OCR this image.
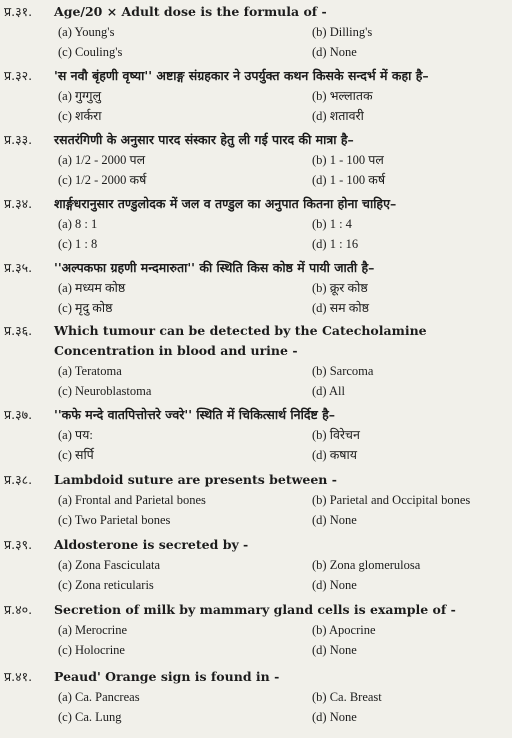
प्र.३१.	Age/20 × Adult dose is the formula of -
(a) Young's	(b) Dilling's
(c) Couling's	(d) None
प्र.३२.	'स नवौ बृंहणी वृष्या'' अष्टाङ्ग संग्रहकार ने उपर्युक्त कथन किसके सन्दर्भ में कहा है–
(a) गुग्गुलु	(b) भल्लातक
(c) शर्करा	(d) शतावरी
प्र.३३.	रसतरंगिणी के अनुसार पारद संस्कार हेतु ली गई पारद की मात्रा है–
(a) 1/2 - 2000 पल	(b) 1 - 100 पल
(c) 1/2 - 2000 कर्ष	(d) 1 - 100 कर्ष
प्र.३४.	शार्ङ्गधरानुसार तण्डुलोदक में जल व तण्डुल का अनुपात कितना होना चाहिए–
(a) 8 : 1	(b) 1 : 4
(c) 1 : 8	(d) 1 : 16
प्र.३५.	''अल्पकफा ग्रहणी मन्दमारुता'' की स्थिति किस कोष्ठ में पायी जाती है–
(a) मध्यम कोष्ठ	(b) क्रूर कोष्ठ
(c) मृदु कोष्ठ	(d) सम कोष्ठ
प्र.३६.	Which tumour can be detected by the Catecholamine Concentration in blood and urine -
(a) Teratoma	(b) Sarcoma
(c) Neuroblastoma	(d) All
प्र.३७.	''कफे मन्दे वातपित्तोत्तरे ज्वरे'' स्थिति में चिकित्सार्थ निर्दिष्ट है–
(a) पय:	(b) विरेचन
(c) सर्पि	(d) कषाय
प्र.३८.	Lambdoid suture are presents between -
(a) Frontal and Parietal bones	(b) Parietal and Occipital bones
(c) Two Parietal bones	(d) None
प्र.३९.	Aldosterone is secreted by -
(a) Zona Fasciculata	(b) Zona glomerulosa
(c) Zona reticularis	(d) None
प्र.४०.	Secretion of milk by mammary gland cells is example of -
(a) Merocrine	(b) Apocrine
(c) Holocrine	(d) None
प्र.४१.	Peaud' Orange sign is found in -
(a) Ca. Pancreas	(b) Ca. Breast
(c) Ca. Lung	(d) None
